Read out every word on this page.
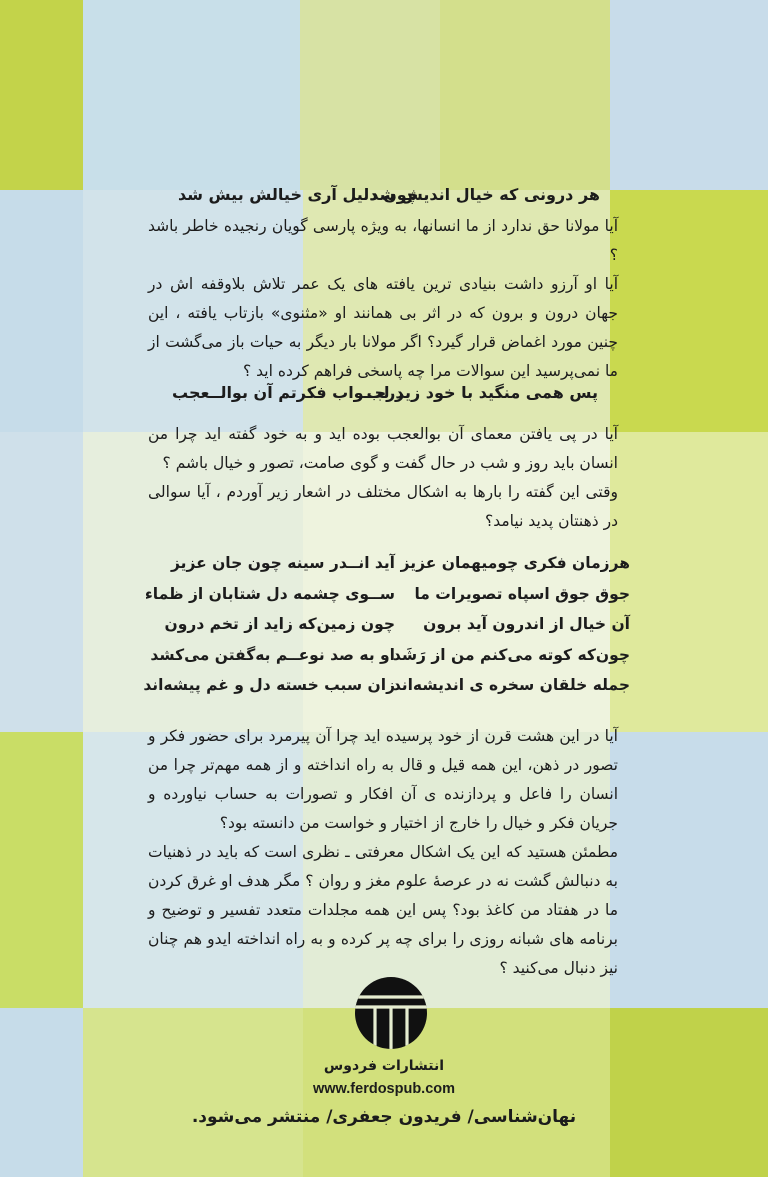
هر درونی که خیال اندیش شد
چون دلیل آری خیالش بیش شد

آیا مولانا حق ندارد از ما انسانها، به ویژه پارسی گویان رنجیده خاطر باشد ؟

آیا او آرزو داشت بنیادی ترین یافته های یک عمر تلاش بلاوقفه اش در جهان درون و برون که در اثر بی همانند او «مثنوی» بازتاب یافته ، این چنین مورد اغماض قرار گیرد؟ اگر مولانا بار دیگر به حیات باز می‌گشت از ما نمی‌پرسید این سوالات مرا چه پاسخی فراهم کرده اید ؟

پس همی منگید با خود زیر لب
درجــواب فکرتم آن بوالــعجب

آیا در پی یافتن معمای آن بوالعجب بوده اید و به خود گفته اید چرا من انسان باید روز و شب در حال گفت و گوی صامت، تصور و خیال باشم ؟

وقتی این گفته را بارها به اشکال مختلف در اشعار زیر آوردم ، آیا سوالی در ذهنتان پدید نیامد؟

هرزمان فکری چومیهمان عزیز
آید انــدر سینه چون جان عزیز
جوق جوق اسپاه تصویرات ما
ســوی چشمه دل شتابان از ظماء
آن خیال از اندرون آید برون
چون زمین‌که زاید از تخم درون
چون‌که کوته می‌کنم من از رَشَد
او به صد نوعــم به‌گفتن می‌کشد
جمله خلقان سخره ی اندیشه‌اند
زان سبب خسته دل و غم پیشه‌اند

آیا در این هشت قرن از خود پرسیده اید چرا آن پیرمرد برای حضور فکر و تصور در ذهن، این همه قیل و قال به راه انداخته و از همه مهم‌تر چرا من انسان را فاعل و پردازنده ی آن افکار و تصورات به حساب نیاورده و جریان فکر و خیال را خارج از اختیار و خواست من دانسته بود؟

مطمئن هستید که این یک اشکال معرفتی ـ نظری است که باید در ذهنیات به دنبالش گشت نه در عرصهٔ علوم مغز و روان ؟ مگر هدف او غرق کردن ما در هفتاد من کاغذ بود؟ پس این همه مجلدات متعدد تفسیر و توضیح و برنامه های شبانه روزی را برای چه پر کرده و به راه انداخته ایدو هم چنان نیز دنبال می‌کنید ؟

انتشارات فردوس
www.ferdospub.com
نهان‌شناسی/ فریدون جعفری/ منتشر می‌شود.
